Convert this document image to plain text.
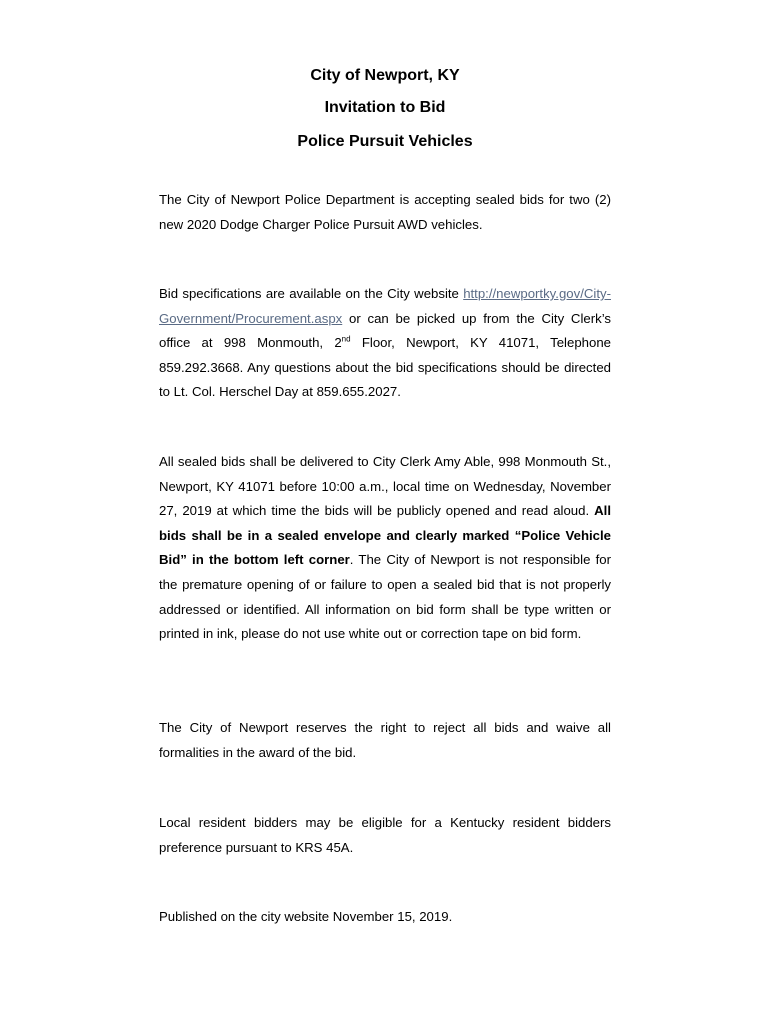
City of Newport, KY
Invitation to Bid
Police Pursuit Vehicles
The City of Newport Police Department is accepting sealed bids for two (2) new 2020 Dodge Charger Police Pursuit AWD vehicles.
Bid specifications are available on the City website http://newportky.gov/City-Government/Procurement.aspx or can be picked up from the City Clerk’s office at 998 Monmouth, 2nd Floor, Newport, KY 41071, Telephone 859.292.3668. Any questions about the bid specifications should be directed to Lt. Col. Herschel Day at 859.655.2027.
All sealed bids shall be delivered to City Clerk Amy Able, 998 Monmouth St., Newport, KY 41071 before 10:00 a.m., local time on Wednesday, November 27, 2019 at which time the bids will be publicly opened and read aloud. All bids shall be in a sealed envelope and clearly marked “Police Vehicle Bid” in the bottom left corner. The City of Newport is not responsible for the premature opening of or failure to open a sealed bid that is not properly addressed or identified. All information on bid form shall be type written or printed in ink, please do not use white out or correction tape on bid form.
The City of Newport reserves the right to reject all bids and waive all formalities in the award of the bid.
Local resident bidders may be eligible for a Kentucky resident bidders preference pursuant to KRS 45A.
Published on the city website November 15, 2019.
